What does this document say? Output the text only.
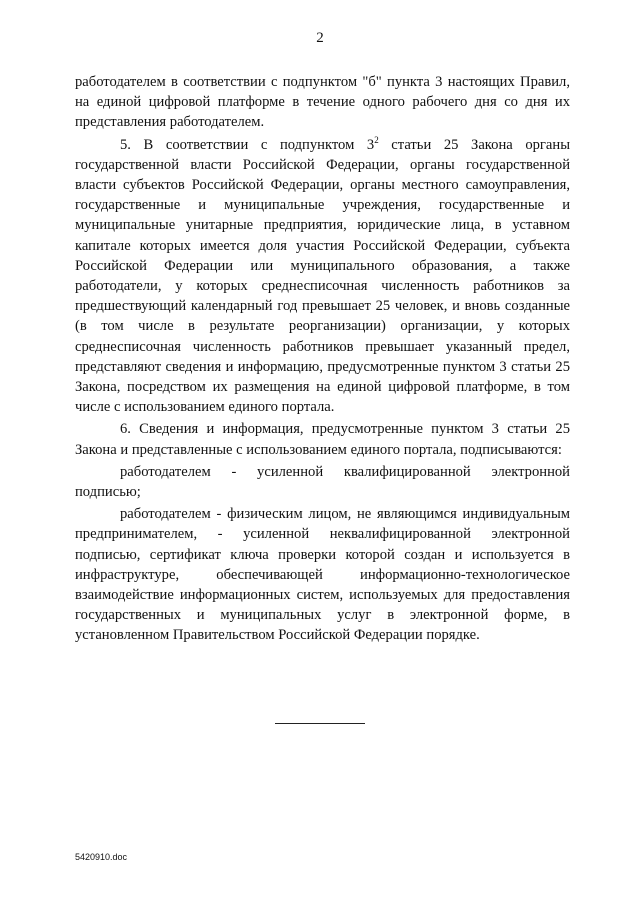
2

работодателем в соответствии с подпунктом "б" пункта 3 настоящих Правил, на единой цифровой платформе в течение одного рабочего дня со дня их представления работодателем.

5. В соответствии с подпунктом $3^2$ статьи 25 Закона органы государственной власти Российской Федерации, органы государственной власти субъектов Российской Федерации, органы местного самоуправления, государственные и муниципальные учреждения, государственные и муниципальные унитарные предприятия, юридические лица, в уставном капитале которых имеется доля участия Российской Федерации, субъекта Российской Федерации или муниципального образования, а также работодатели, у которых среднесписочная численность работников за предшествующий календарный год превышает 25 человек, и вновь созданные (в том числе в результате реорганизации) организации, у которых среднесписочная численность работников превышает указанный предел, представляют сведения и информацию, предусмотренные пунктом 3 статьи 25 Закона, посредством их размещения на единой цифровой платформе, в том числе с использованием единого портала.

6. Сведения и информация, предусмотренные пунктом 3 статьи 25 Закона и представленные с использованием единого портала, подписываются:

работодателем - усиленной квалифицированной электронной подписью;

работодателем - физическим лицом, не являющимся индивидуальным предпринимателем, - усиленной неквалифицированной электронной подписью, сертификат ключа проверки которой создан и используется в инфраструктуре, обеспечивающей информационно-технологическое взаимодействие информационных систем, используемых для предоставления государственных и муниципальных услуг в электронной форме, в установленном Правительством Российской Федерации порядке.

5420910.doc
